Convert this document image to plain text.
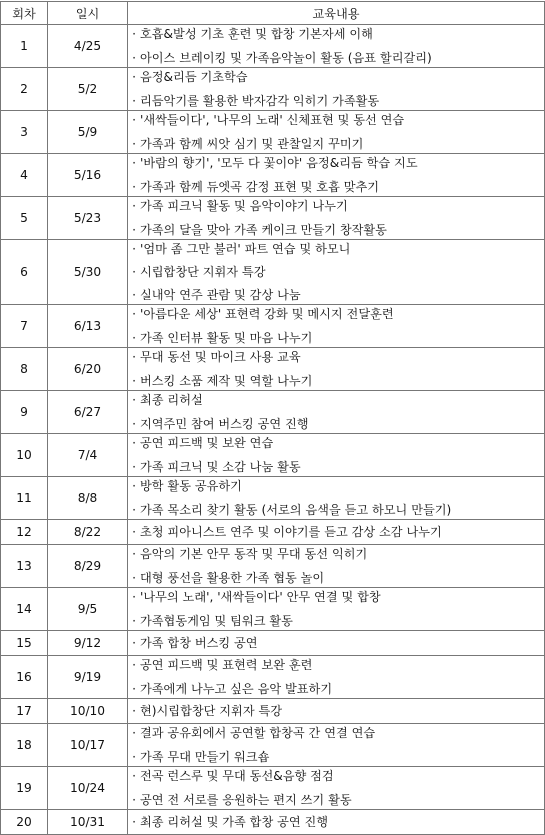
회차	일시	교육내용
1	4/25	· 호흡&발성 기초 훈련 및 합창 기본자세 이해
· 아이스 브레이킹 및 가족음악놀이 활동 (음표 할리갈리)

2	5/2	· 음정&리듬 기초학습
· 리듬악기를 활용한 박자감각 익히기 가족활동

3	5/9	· '새싹들이다', '나무의 노래' 신체표현 및 동선 연습
· 가족과 함께 씨앗 심기 및 관찰일지 꾸미기

4	5/16	· '바람의 향기', '모두 다 꽃이야' 음정&리듬 학습 지도
· 가족과 함께 듀엣곡 감정 표현 및 호흡 맞추기

5	5/23	· 가족 피크닉 활동 및 음악이야기 나누기
· 가족의 달을 맞아 가족 케이크 만들기 창작활동

6	5/30	· '엄마 좀 그만 불러' 파트 연습 및 하모니
· 시립합창단 지휘자 특강
· 실내악 연주 관람 및 감상 나눔

7	6/13	· '아름다운 세상' 표현력 강화 및 메시지 전달훈련
· 가족 인터뷰 활동 및 마음 나누기

8	6/20	· 무대 동선 및 마이크 사용 교육
· 버스킹 소품 제작 및 역할 나누기

9	6/27	· 최종 리허설
· 지역주민 참여 버스킹 공연 진행

10	7/4	· 공연 피드백 및 보완 연습
· 가족 피크닉 및 소감 나눔 활동

11	8/8	· 방학 활동 공유하기
· 가족 목소리 찾기 활동 (서로의 음색을 듣고 하모니 만들기)

12	8/22	· 초청 피아니스트 연주 및 이야기를 듣고 감상 소감 나누기

13	8/29	· 음악의 기본 안무 동작 및 무대 동선 익히기
· 대형 풍선을 활용한 가족 협동 놀이

14	9/5	· '나무의 노래', '새싹들이다' 안무 연결 및 합창
· 가족협동게임 및 팀워크 활동

15	9/12	· 가족 합창 버스킹 공연

16	9/19	· 공연 피드백 및 표현력 보완 훈련
· 가족에게 나누고 싶은 음악 발표하기

17	10/10	· 현)시립합창단 지휘자 특강

18	10/17	· 결과 공유회에서 공연할 합창곡 간 연결 연습
· 가족 무대 만들기 워크숍

19	10/24	· 전곡 런스루 및 무대 동선&음향 점검
· 공연 전 서로를 응원하는 편지 쓰기 활동

20	10/31	· 최종 리허설 및 가족 합창 공연 진행
